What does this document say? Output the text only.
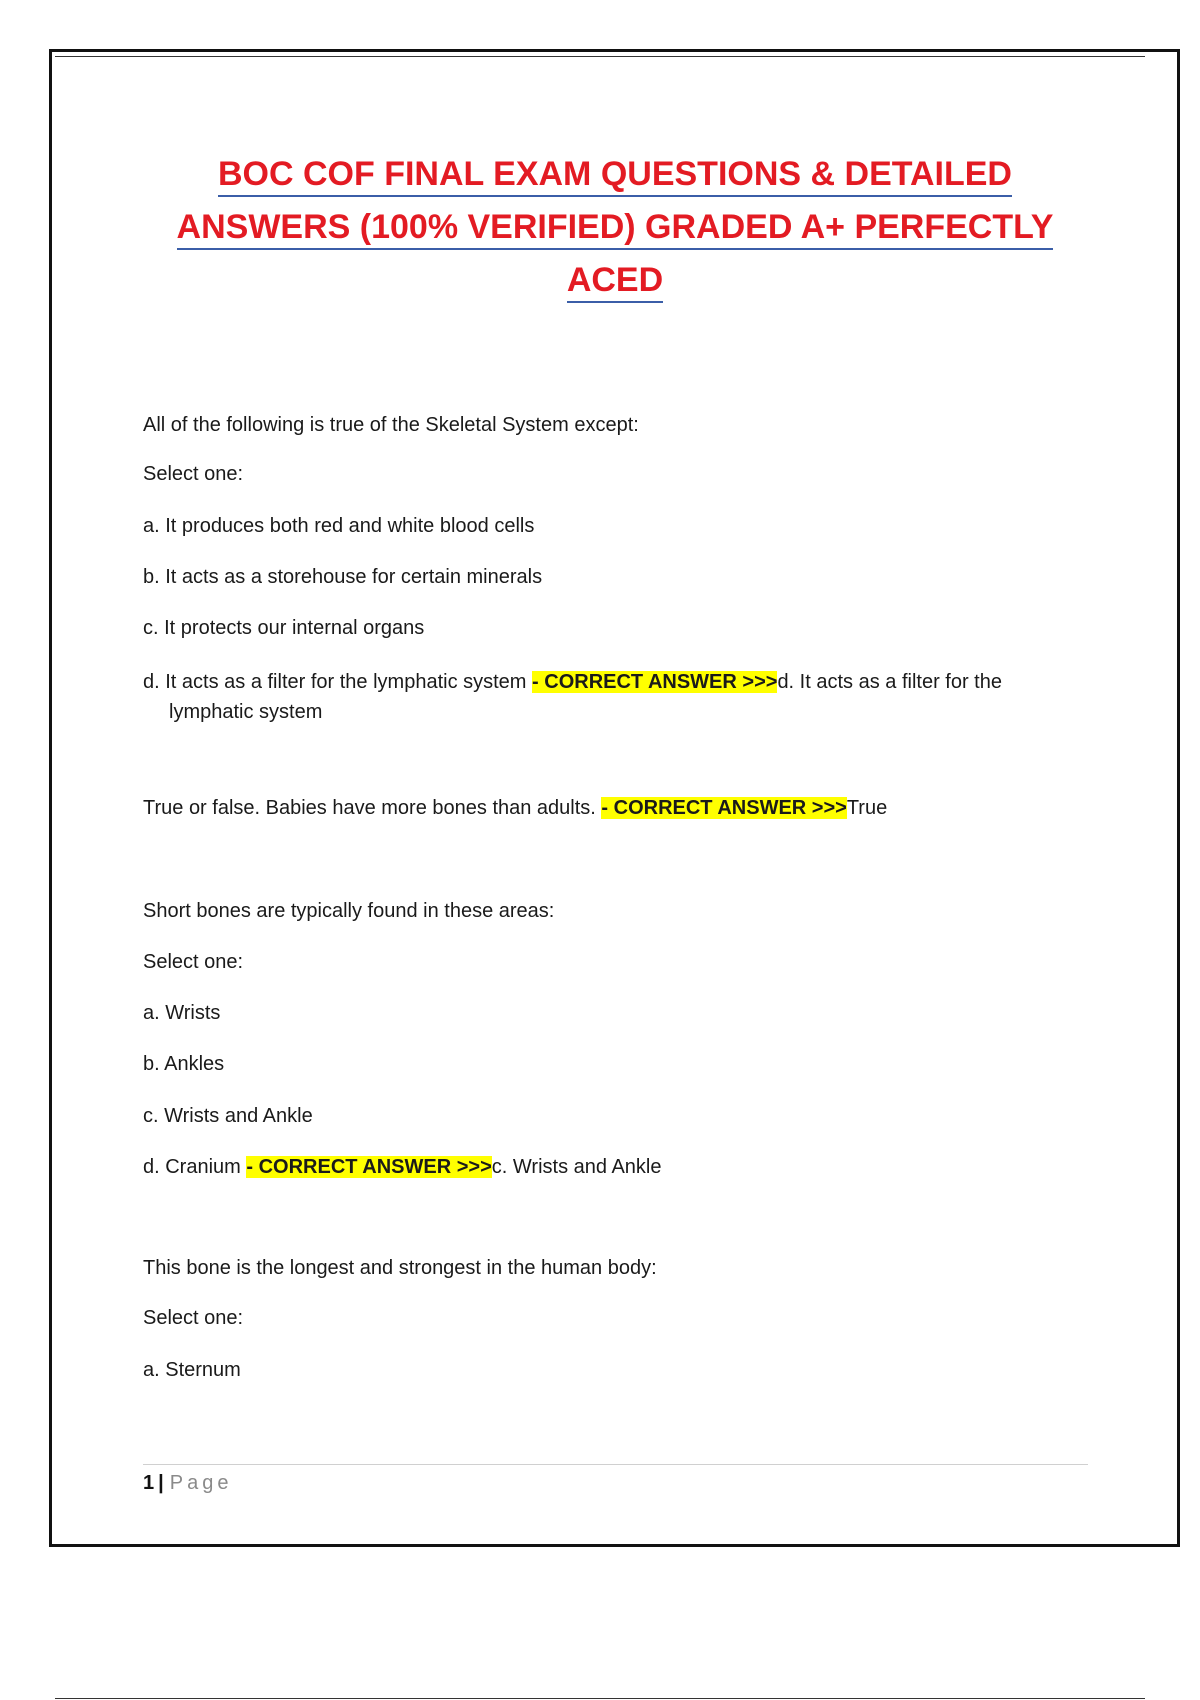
BOC COF FINAL EXAM QUESTIONS & DETAILED
ANSWERS (100% VERIFIED) GRADED A+ PERFECTLY
ACED

All of the following is true of the Skeletal System except:

Select one:

a. It produces both red and white blood cells

b. It acts as a storehouse for certain minerals

c. It protects our internal organs

d. It acts as a filter for the lymphatic system - CORRECT ANSWER >>>d. It acts as a filter for the lymphatic system

True or false. Babies have more bones than adults. - CORRECT ANSWER >>>True

Short bones are typically found in these areas:

Select one:

a. Wrists

b. Ankles

c. Wrists and Ankle

d. Cranium - CORRECT ANSWER >>>c. Wrists and Ankle

This bone is the longest and strongest in the human body:

Select one:

a. Sternum

1 | Page
